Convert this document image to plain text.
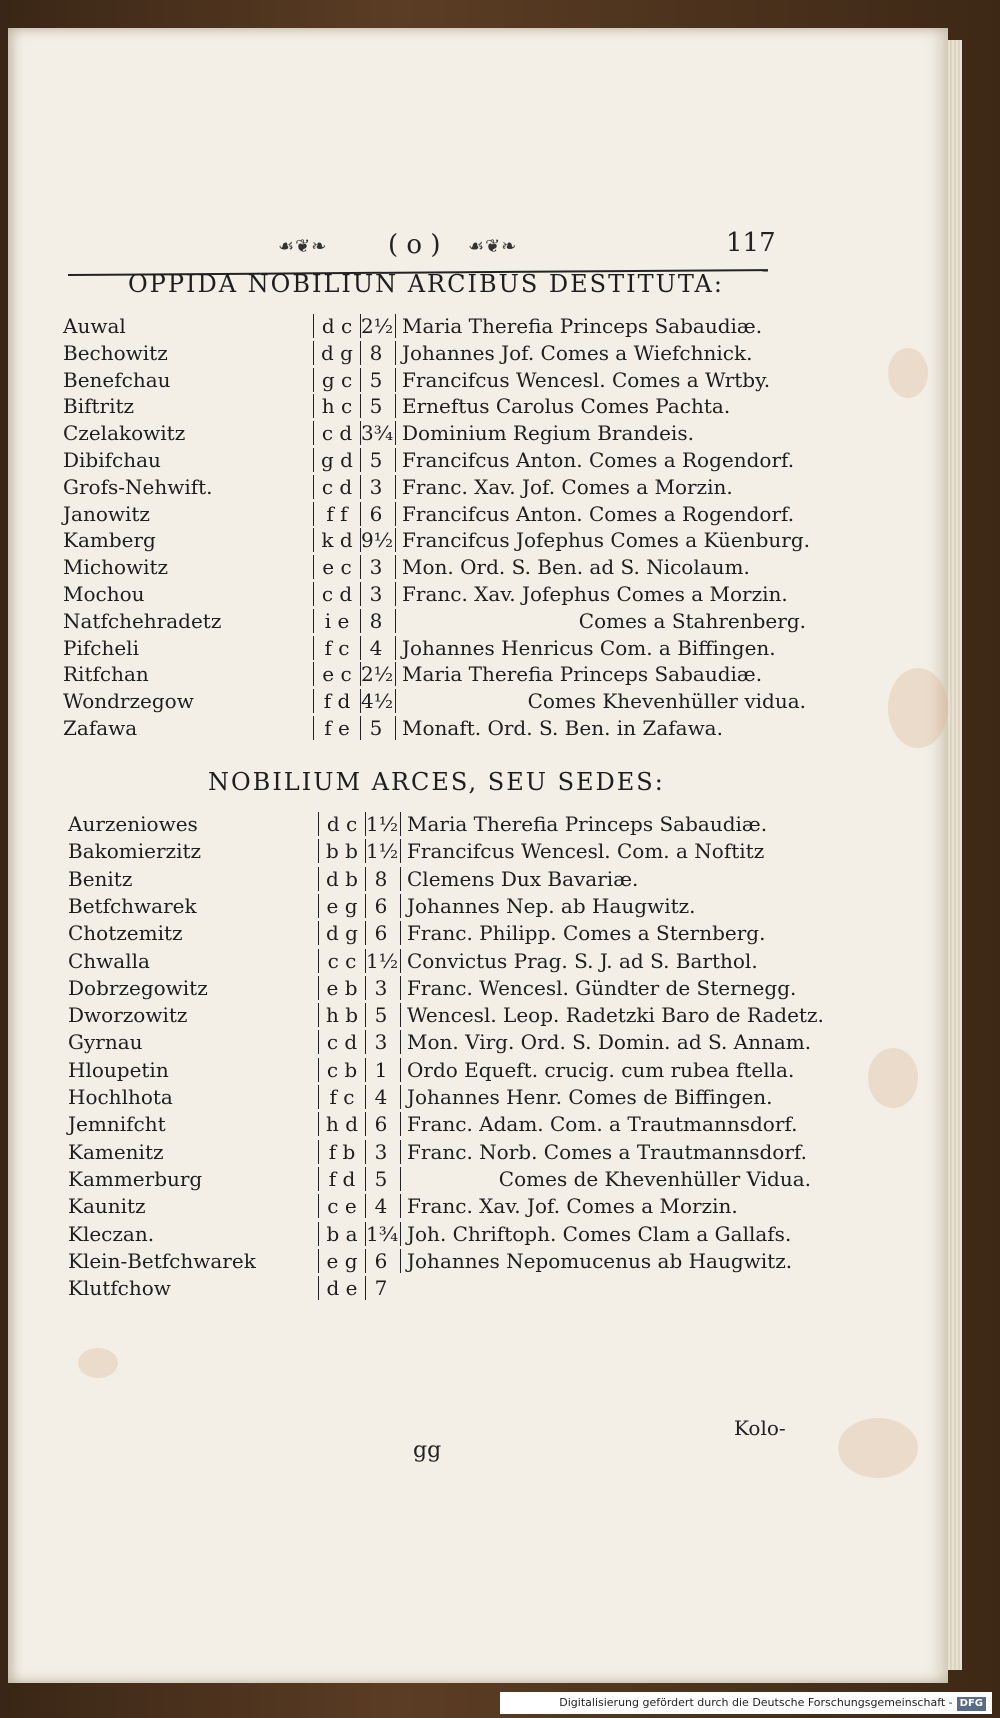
☙❦❧ ( o ) ☙❦❧	117
OPPIDA NOBILIUN ARCIBUS DESTITUTA:
Auwal	d c 2½ Maria Therefia Princeps Sabaudiæ.
Bechowitz	d g 8 Johannes Jof. Comes a Wiefchnick.
Benefchau	g c 5 Francifcus Wencesl. Comes a Wrtby.
Biftritz	h c 5 Erneftus Carolus Comes Pachta.
Czelakowitz	c d 3¾ Dominium Regium Brandeis.
Dibifchau	g d 5 Francifcus Anton. Comes a Rogendorf.
Grofs-Nehwift.	c d 3 Franc. Xav. Jof. Comes a Morzin.
Janowitz	f f	6 Francifcus Anton. Comes a Rogendorf.
Kamberg	k d 9½ Francifcus Jofephus Comes a Küenburg.
Michowitz	e c 3 Mon. Ord. S. Ben. ad S. Nicolaum.
Mochou	c d 3 Franc. Xav. Jofephus Comes a Morzin.
Natfchehradetz	i e	8	Comes a Stahrenberg.
Pifcheli	f c	4 Johannes Henricus Com. a Biffingen.
Ritfchan	e c 2½ Maria Therefia Princeps Sabaudiæ.
Wondrzegow	f d 4½	Comes Khevenhüller vidua.
Zafawa	f e 5 Monaft. Ord. S. Ben. in Zafawa.
NOBILIUM ARCES, SEU SEDES:
Aurzeniowes	d c 1½ Maria Therefia Princeps Sabaudiæ.
Bakomierzitz	b b 1½ Francifcus Wencesl. Com. a Noftitz
Benitz	d b 8 Clemens Dux Bavariæ.
Betfchwarek	e g 6 Johannes Nep. ab Haugwitz.
Chotzemitz	d g 6 Franc. Philipp. Comes a Sternberg.
Chwalla	c c 1½ Convictus Prag. S. J. ad S. Barthol.
Dobrzegowitz	e b 3 Franc. Wencesl. Gündter de Sternegg.
Dworzowitz	h b 5 Wencesl. Leop. Radetzki Baro de Radetz.
Gyrnau	c d 3 Mon. Virg. Ord. S. Domin. ad S. Annam.
Hloupetin	c b 1 Ordo Equeft. crucig. cum rubea ftella.
Hochlhota	f c	4 Johannes Henr. Comes de Biffingen.
Jemnifcht	h d 6 Franc. Adam. Com. a Trautmannsdorf.
Kamenitz	f b 3 Franc. Norb. Comes a Trautmannsdorf.
Kammerburg	f d 5	Comes de Khevenhüller Vidua.
Kaunitz	c e 4 Franc. Xav. Jof. Comes a Morzin.
Kleczan.	b a 1¾ Joh. Chriftoph. Comes Clam a Gallafs.
Klein-Betfchwarek	e g 6 Johannes Nepomucenus ab Haugwitz.
Klutfchow	d e 7
gg
Kolo-
Digitalisierung gefördert durch die Deutsche Forschungsgemeinschaft - DFG
